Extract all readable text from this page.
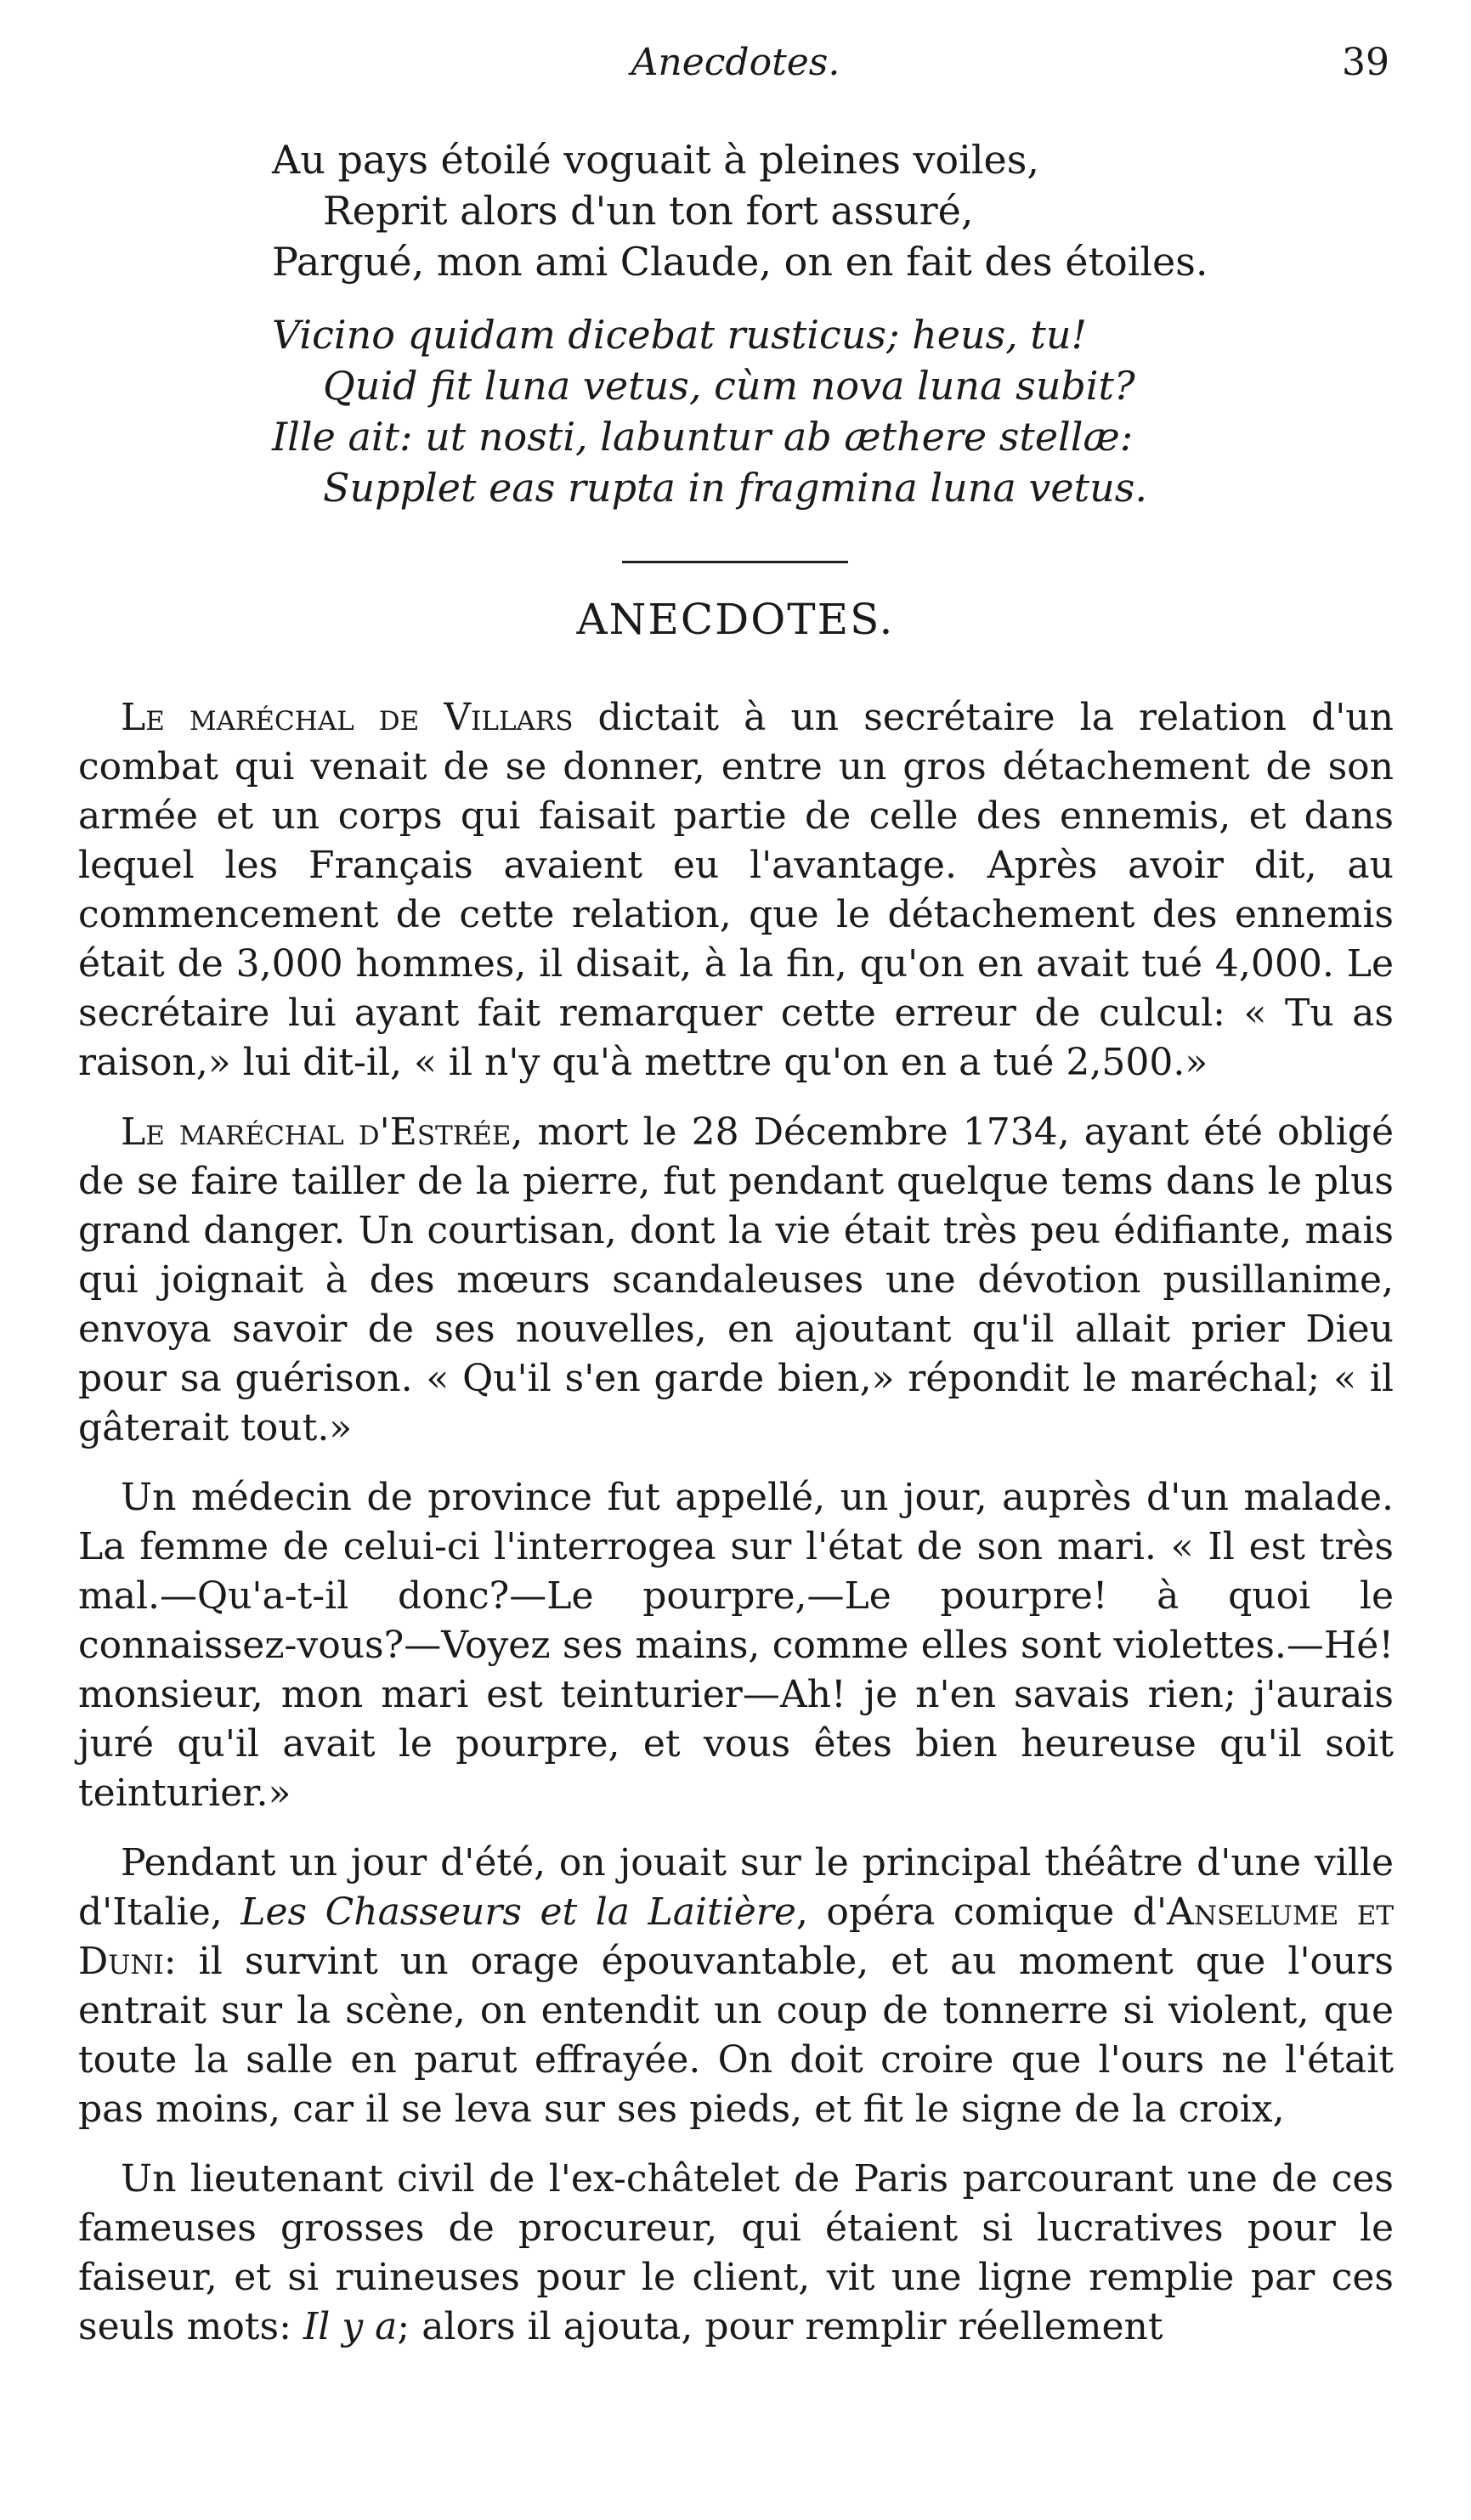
Anecdotes.	39

Au pays étoilé voguait à pleines voiles,

Reprit alors d'un ton fort assuré,

Pargué, mon ami Claude, on en fait des étoiles.

Vicino quidam dicebat rusticus; heus, tu!

Quid fit luna vetus, cùm nova luna subit?

Ille ait: ut nosti, labuntur ab æthere stellæ:

Supplet eas rupta in fragmina luna vetus.

ANECDOTES.

Le maréchal de Villars dictait à un secrétaire la relation d'un combat qui venait de se donner, entre un gros détachement de son armée et un corps qui faisait partie de celle des ennemis, et dans lequel les Français avaient eu l'avantage. Après avoir dit, au commencement de cette relation, que le détachement des ennemis était de 3,000 hommes, il disait, à la fin, qu'on en avait tué 4,000. Le secrétaire lui ayant fait remarquer cette erreur de culcul: « Tu as raison,» lui dit-il, « il n'y qu'à mettre qu'on en a tué 2,500.»

Le maréchal d'Estrée, mort le 28 Décembre 1734, ayant été obligé de se faire tailler de la pierre, fut pendant quelque tems dans le plus grand danger. Un courtisan, dont la vie était très peu édifiante, mais qui joignait à des mœurs scandaleuses une dévotion pusillanime, envoya savoir de ses nouvelles, en ajoutant qu'il allait prier Dieu pour sa guérison. « Qu'il s'en garde bien,» répondit le maréchal; « il gâterait tout.»

Un médecin de province fut appellé, un jour, auprès d'un malade. La femme de celui-ci l'interrogea sur l'état de son mari. « Il est très mal.—Qu'a-t-il donc?—Le pourpre,—Le pourpre! à quoi le connaissez-vous?—Voyez ses mains, comme elles sont violettes.—Hé! monsieur, mon mari est teinturier—Ah! je n'en savais rien; j'aurais juré qu'il avait le pourpre, et vous êtes bien heureuse qu'il soit teinturier.»

Pendant un jour d'été, on jouait sur le principal théâtre d'une ville d'Italie, Les Chasseurs et la Laitière, opéra comique d'Anselume et Duni: il survint un orage épouvantable, et au moment que l'ours entrait sur la scène, on entendit un coup de tonnerre si violent, que toute la salle en parut effrayée. On doit croire que l'ours ne l'était pas moins, car il se leva sur ses pieds, et fit le signe de la croix,

Un lieutenant civil de l'ex-châtelet de Paris parcourant une de ces fameuses grosses de procureur, qui étaient si lucratives pour le faiseur, et si ruineuses pour le client, vit une ligne remplie par ces seuls mots: Il y a; alors il ajouta, pour remplir réellement
